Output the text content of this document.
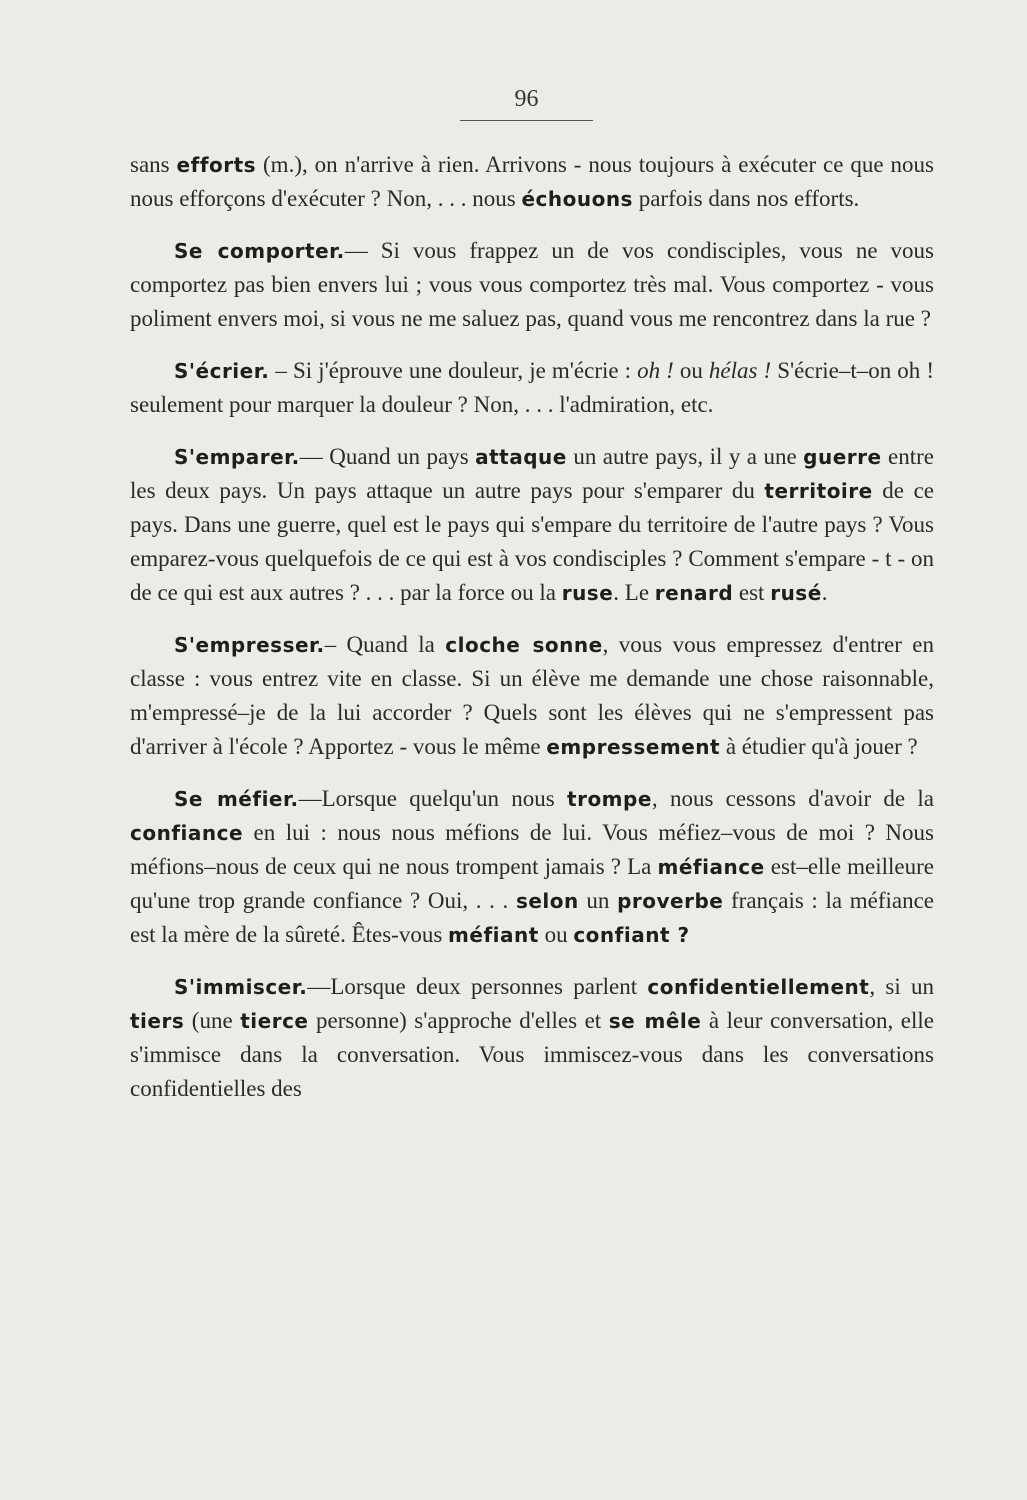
96

sans efforts (m.), on n'arrive à rien. Arrivons - nous toujours à exécuter ce que nous nous efforçons d'exécuter ? Non, . . . nous échouons parfois dans nos efforts.

Se comporter.— Si vous frappez un de vos condisciples, vous ne vous comportez pas bien envers lui ; vous vous comportez très mal. Vous comportez - vous poliment envers moi, si vous ne me saluez pas, quand vous me rencontrez dans la rue ?

S'écrier. – Si j'éprouve une douleur, je m'écrie : oh ! ou hélas ! S'écrie–t–on oh ! seulement pour marquer la douleur ? Non, . . . l'admiration, etc.

S'emparer.— Quand un pays attaque un autre pays, il y a une guerre entre les deux pays. Un pays attaque un autre pays pour s'emparer du territoire de ce pays. Dans une guerre, quel est le pays qui s'empare du territoire de l'autre pays ? Vous emparez-vous quelquefois de ce qui est à vos condisciples ? Comment s'empare - t - on de ce qui est aux autres ? . . . par la force ou la ruse. Le renard est rusé.

S'empresser.– Quand la cloche sonne, vous vous empressez d'entrer en classe : vous entrez vite en classe. Si un élève me demande une chose raisonnable, m'empressé–je de la lui accorder ? Quels sont les élèves qui ne s'empressent pas d'arriver à l'école ? Apportez - vous le même empressement à étudier qu'à jouer ?

Se méfier.—Lorsque quelqu'un nous trompe, nous cessons d'avoir de la confiance en lui : nous nous méfions de lui. Vous méfiez–vous de moi ? Nous méfions–nous de ceux qui ne nous trompent jamais ? La méfiance est–elle meilleure qu'une trop grande confiance ? Oui, . . . selon un proverbe français : la méfiance est la mère de la sûreté. Êtes-vous méfiant ou confiant ?

S'immiscer.—Lorsque deux personnes parlent confidentiellement, si un tiers (une tierce personne) s'approche d'elles et se mêle à leur conversation, elle s'immisce dans la conversation. Vous immiscez-vous dans les conversations confidentielles des
